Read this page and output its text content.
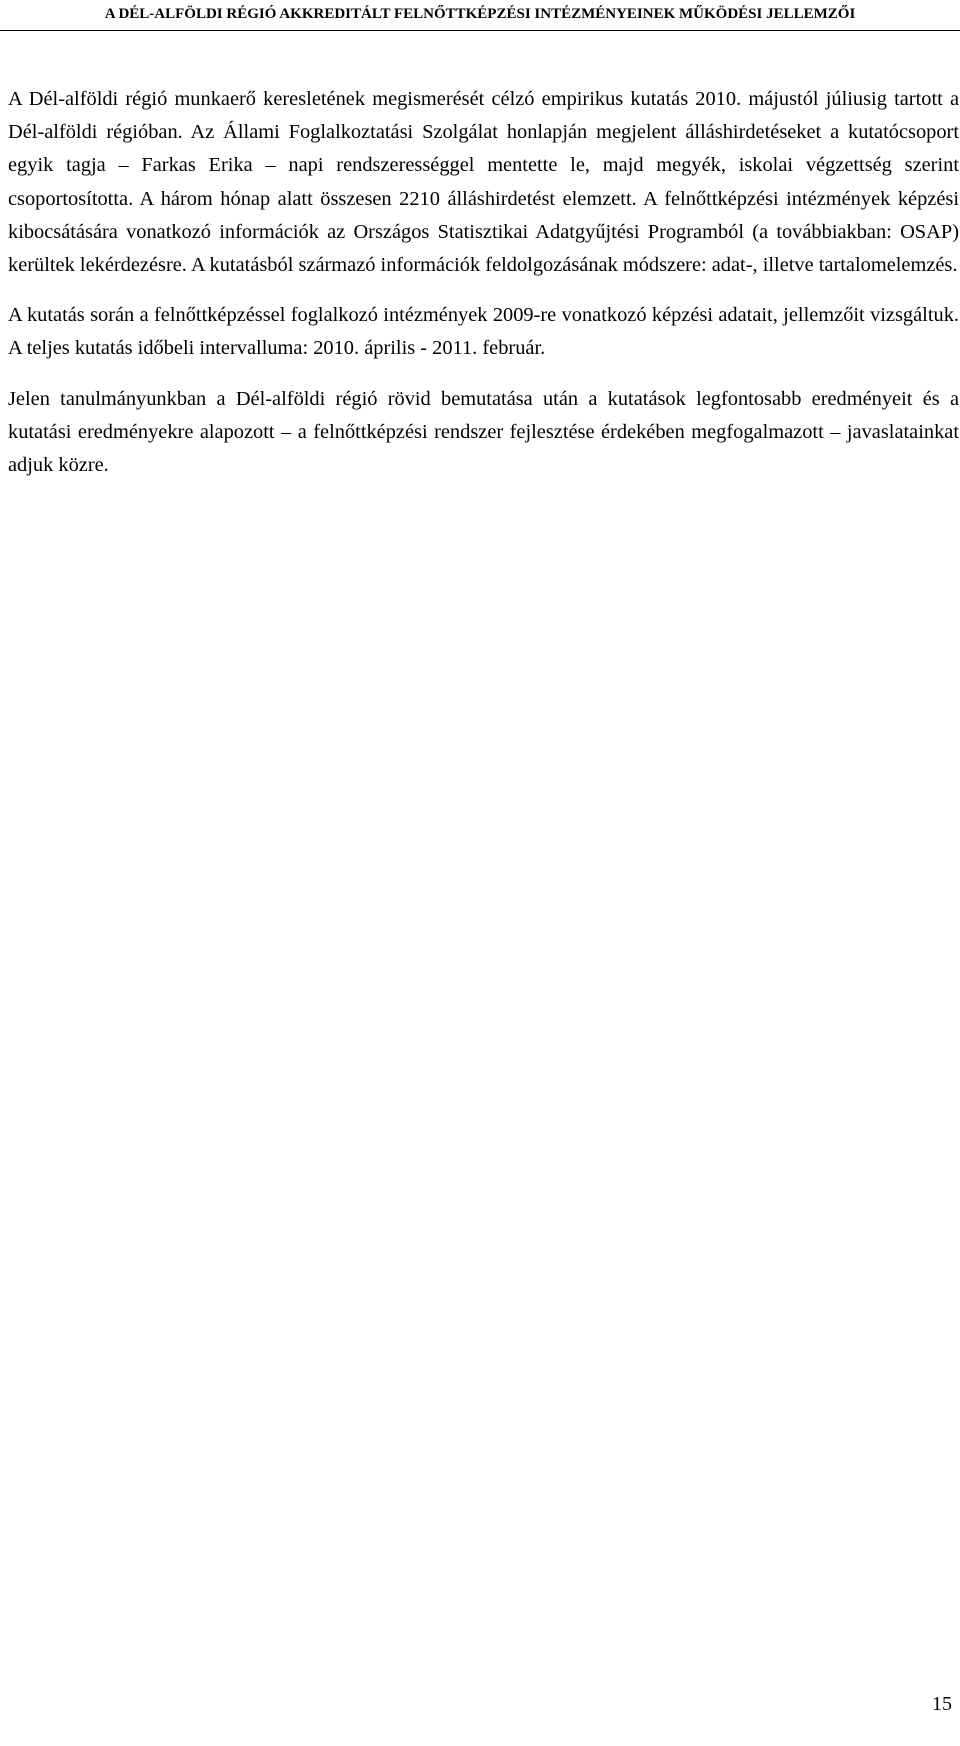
A DÉL-ALFÖLDI RÉGIÓ AKKREDITÁLT FELNŐTTKÉPZÉSI INTÉZMÉNYEINEK MŰKÖDÉSI JELLEMZŐI

A Dél-alföldi régió munkaerő keresletének megismerését célzó empirikus kutatás 2010. májustól júliusig tartott a Dél-alföldi régióban. Az Állami Foglalkoztatási Szolgálat honlapján megjelent álláshirdetéseket a kutatócsoport egyik tagja – Farkas Erika – napi rendszerességgel mentette le, majd megyék, iskolai végzettség szerint csoportosította. A három hónap alatt összesen 2210 álláshirdetést elemzett. A felnőttképzési intézmények képzési kibocsátására vonatkozó információk az Országos Statisztikai Adatgyűjtési Programból (a továbbiakban: OSAP) kerültek lekérdezésre. A kutatásból származó információk feldolgozásának módszere: adat-, illetve tartalomelemzés.

A kutatás során a felnőttképzéssel foglalkozó intézmények 2009-re vonatkozó képzési adatait, jellemzőit vizsgáltuk. A teljes kutatás időbeli intervalluma: 2010. április - 2011. február.

Jelen tanulmányunkban a Dél-alföldi régió rövid bemutatása után a kutatások legfontosabb eredményeit és a kutatási eredményekre alapozott – a felnőttképzési rendszer fejlesztése érdekében megfogalmazott – javaslatainkat adjuk közre.

15
